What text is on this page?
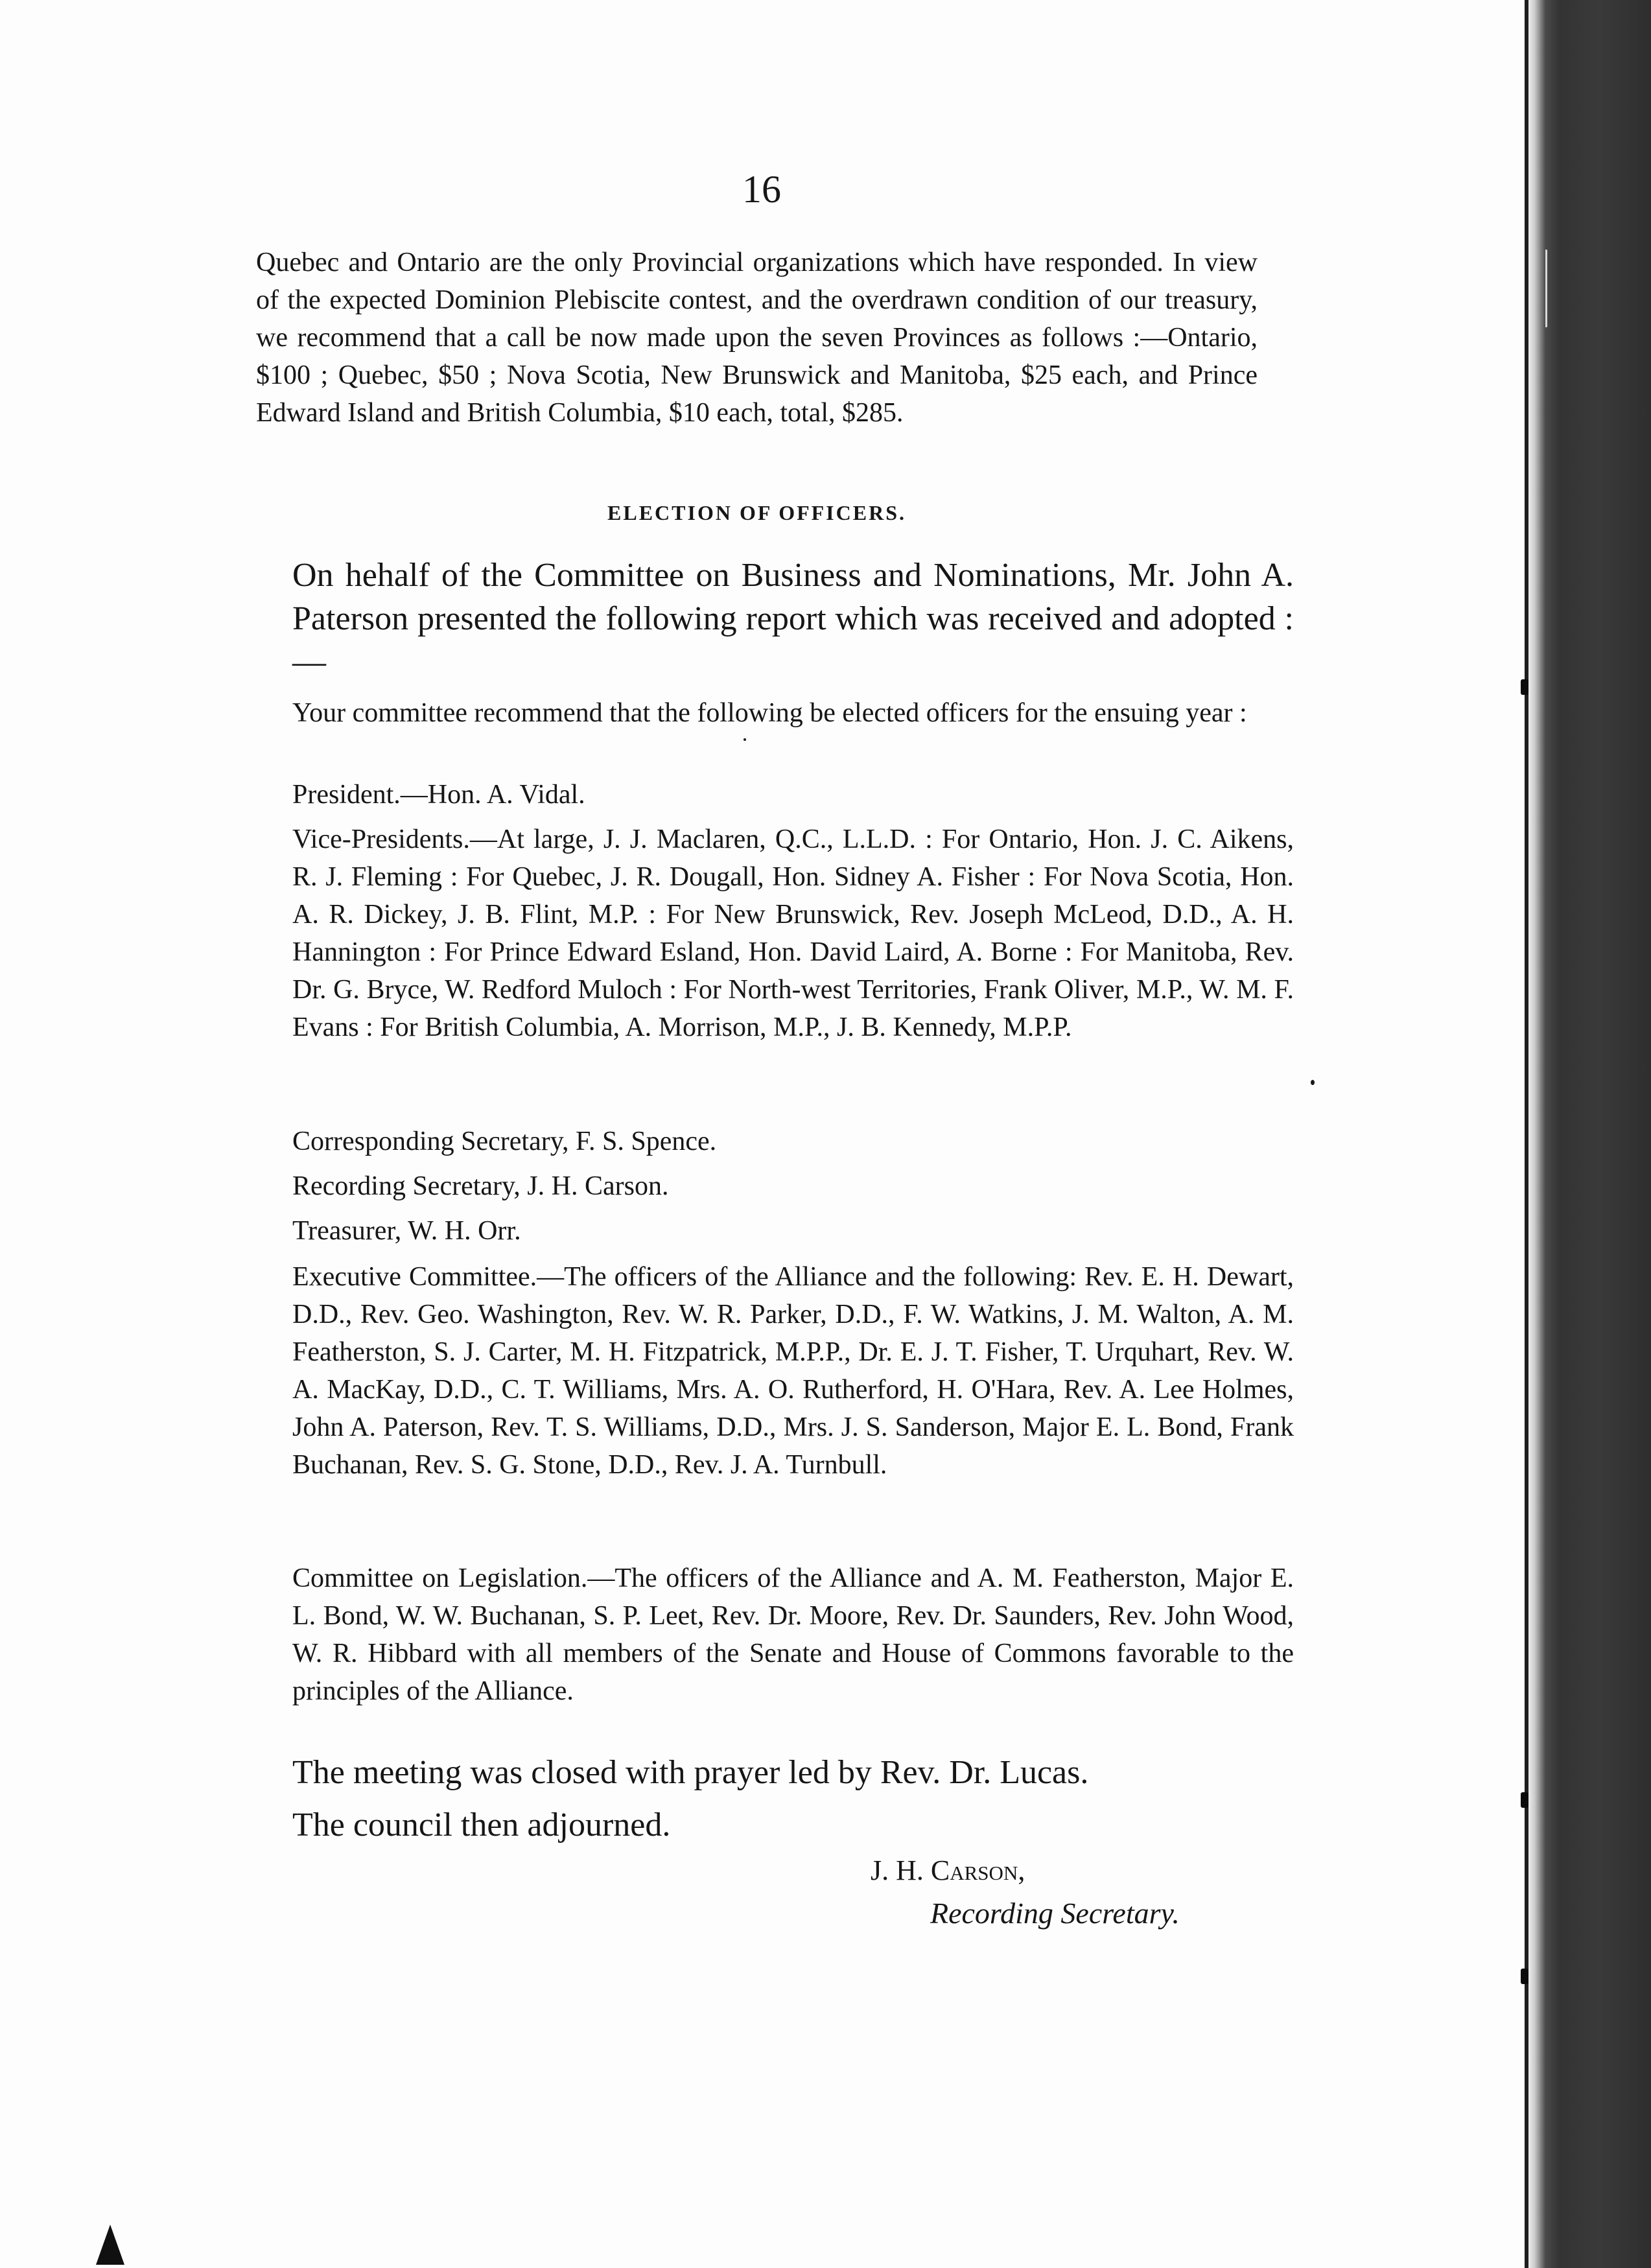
16

Quebec and Ontario are the only Provincial organizations which have responded. In view of the expected Dominion Plebiscite contest, and the overdrawn condition of our treasury, we recommend that a call be now made upon the seven Provinces as follows :—Ontario, $100 ; Quebec, $50 ; Nova Scotia, New Brunswick and Manitoba, $25 each, and Prince Edward Island and British Columbia, $10 each, total, $285.

ELECTION OF OFFICERS.

On hehalf of the Committee on Business and Nominations, Mr. John A. Paterson presented the following report which was received and adopted :—

Your committee recommend that the following be elected officers for the ensuing year :

President.—Hon. A. Vidal.

Vice-Presidents.—At large, J. J. Maclaren, Q.C., L.L.D. : For Ontario, Hon. J. C. Aikens, R. J. Fleming : For Quebec, J. R. Dougall, Hon. Sidney A. Fisher : For Nova Scotia, Hon. A. R. Dickey, J. B. Flint, M.P. : For New Brunswick, Rev. Joseph McLeod, D.D., A. H. Hannington : For Prince Edward Esland, Hon. David Laird, A. Borne : For Manitoba, Rev. Dr. G. Bryce, W. Redford Muloch : For North-west Territories, Frank Oliver, M.P., W. M. F. Evans : For British Columbia, A. Morrison, M.P., J. B. Kennedy, M.P.P.

Corresponding Secretary, F. S. Spence.

Recording Secretary, J. H. Carson.

Treasurer, W. H. Orr.

Executive Committee.—The officers of the Alliance and the following: Rev. E. H. Dewart, D.D., Rev. Geo. Washington, Rev. W. R. Parker, D.D., F. W. Watkins, J. M. Walton, A. M. Featherston, S. J. Carter, M. H. Fitzpatrick, M.P.P., Dr. E. J. T. Fisher, T. Urquhart, Rev. W. A. MacKay, D.D., C. T. Williams, Mrs. A. O. Rutherford, H. O'Hara, Rev. A. Lee Holmes, John A. Paterson, Rev. T. S. Williams, D.D., Mrs. J. S. Sanderson, Major E. L. Bond, Frank Buchanan, Rev. S. G. Stone, D.D., Rev. J. A. Turnbull.

Committee on Legislation.—The officers of the Alliance and A. M. Featherston, Major E. L. Bond, W. W. Buchanan, S. P. Leet, Rev. Dr. Moore, Rev. Dr. Saunders, Rev. John Wood, W. R. Hibbard with all members of the Senate and House of Commons favorable to the principles of the Alliance.

The meeting was closed with prayer led by Rev. Dr. Lucas.

The council then adjourned.

J. H. Carson,
Recording Secretary.
